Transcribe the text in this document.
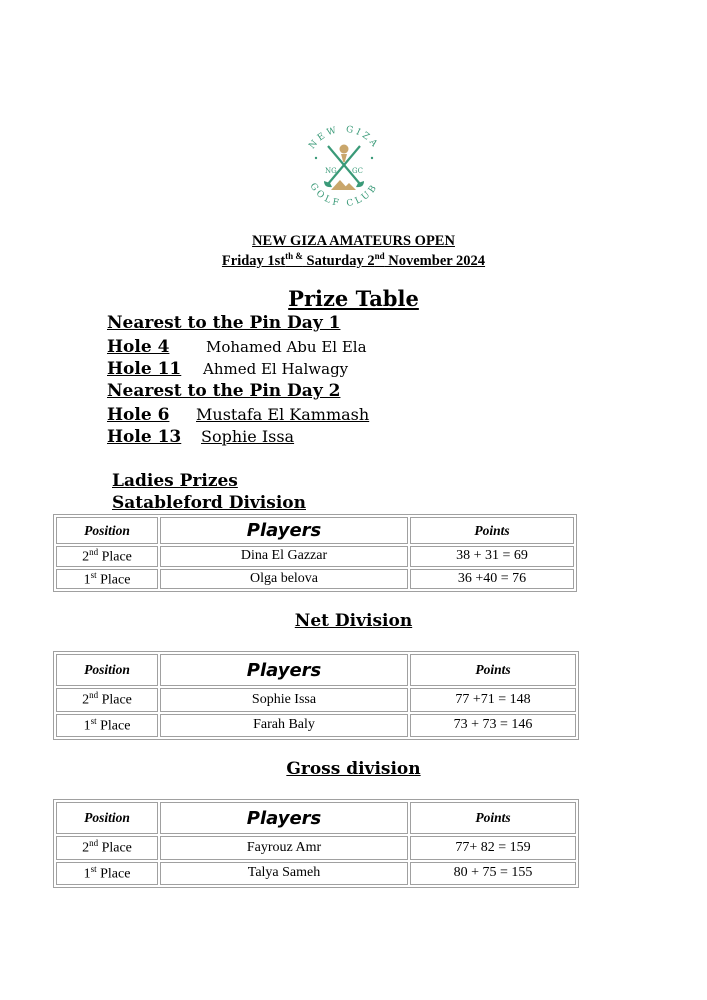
NEW GIZA
GOLF CLUB
NG GC
NEW GIZA AMATEURS OPEN
Friday $1st^{th \&}$ Saturday 2nd November 2024
Prize Table
Nearest to the Pin Day 1
Hole 4 Mohamed Abu El Ela
Hole 11 Ahmed El Halwagy
Nearest to the Pin Day 2
Hole 6 Mustafa El Kammash
Hole 13 Sophie Issa
Ladies Prizes
Satableford Division
Position	Players	Points
2nd Place	Dina El Gazzar	38 + 31 = 69
1st Place	Olga belova	36 +40 = 76
Net Division
Position	Players	Points
2nd Place	Sophie Issa	77 +71 = 148
1st Place	Farah Baly	73 + 73 = 146
Gross division
Position	Players	Points
2nd Place	Fayrouz Amr	77+ 82 = 159
1st Place	Talya Sameh	80 + 75 = 155
